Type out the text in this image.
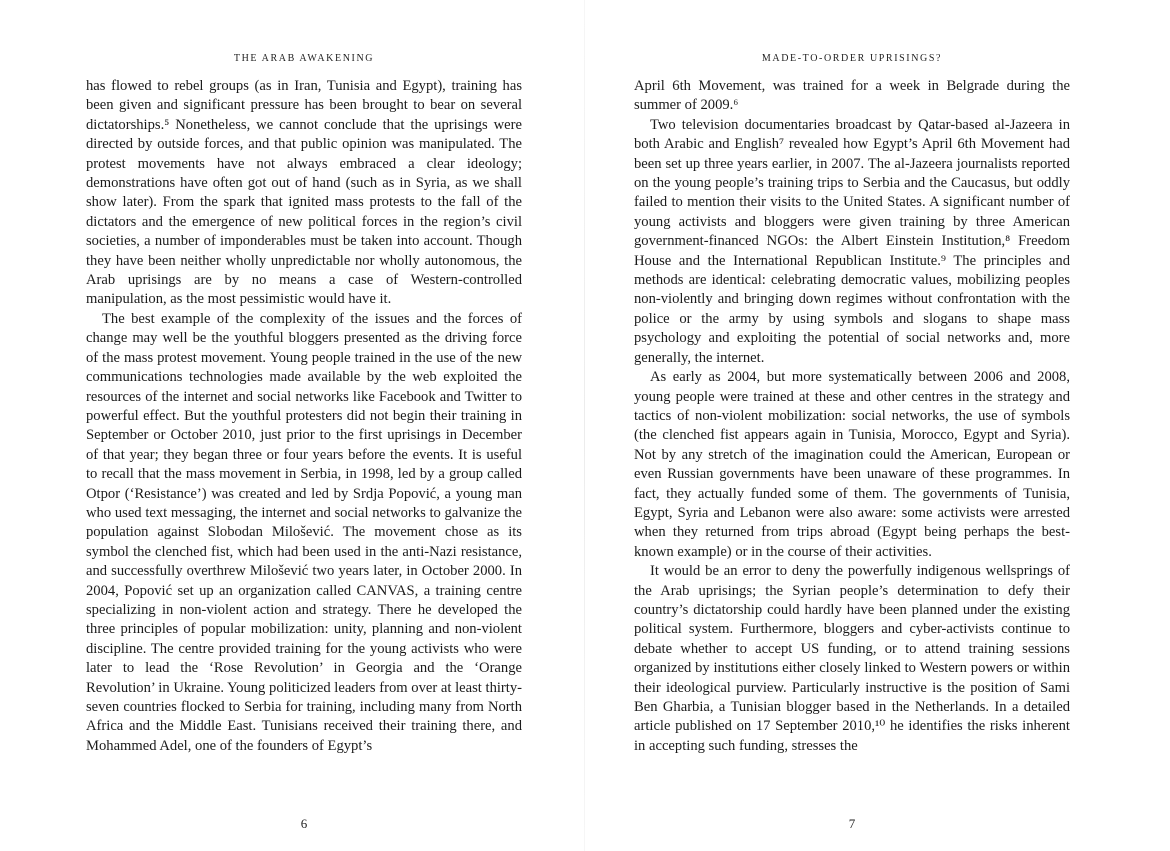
THE ARAB AWAKENING

has flowed to rebel groups (as in Iran, Tunisia and Egypt), training has been given and significant pressure has been brought to bear on several dictatorships.⁵ Nonetheless, we cannot conclude that the uprisings were directed by outside forces, and that public opinion was manipulated. The protest movements have not always embraced a clear ideology; demonstrations have often got out of hand (such as in Syria, as we shall show later). From the spark that ignited mass protests to the fall of the dictators and the emergence of new political forces in the region’s civil societies, a number of imponderables must be taken into account. Though they have been neither wholly unpredictable nor wholly autonomous, the Arab uprisings are by no means a case of Western-controlled manipulation, as the most pessimistic would have it.

The best example of the complexity of the issues and the forces of change may well be the youthful bloggers presented as the driving force of the mass protest movement. Young people trained in the use of the new communications technologies made available by the web exploited the resources of the internet and social networks like Facebook and Twitter to powerful effect. But the youthful protesters did not begin their training in September or October 2010, just prior to the first uprisings in December of that year; they began three or four years before the events. It is useful to recall that the mass movement in Serbia, in 1998, led by a group called Otpor (‘Resistance’) was created and led by Srdja Popović, a young man who used text messaging, the internet and social networks to galvanize the population against Slobodan Milošević. The movement chose as its symbol the clenched fist, which had been used in the anti-Nazi resistance, and successfully overthrew Milošević two years later, in October 2000. In 2004, Popović set up an organization called CANVAS, a training centre specializing in non-violent action and strategy. There he developed the three principles of popular mobilization: unity, planning and non-violent discipline. The centre provided training for the young activists who were later to lead the ‘Rose Revolution’ in Georgia and the ‘Orange Revolution’ in Ukraine. Young politicized leaders from over at least thirty-seven countries flocked to Serbia for training, including many from North Africa and the Middle East. Tunisians received their training there, and Mohammed Adel, one of the founders of Egypt’s

6
MADE-TO-ORDER UPRISINGS?

April 6th Movement, was trained for a week in Belgrade during the summer of 2009.⁶

Two television documentaries broadcast by Qatar-based al-Jazeera in both Arabic and English⁷ revealed how Egypt’s April 6th Movement had been set up three years earlier, in 2007. The al-Jazeera journalists reported on the young people’s training trips to Serbia and the Caucasus, but oddly failed to mention their visits to the United States. A significant number of young activists and bloggers were given training by three American government-financed NGOs: the Albert Einstein Institution,⁸ Freedom House and the International Republican Institute.⁹ The principles and methods are identical: celebrating democratic values, mobilizing peoples non-violently and bringing down regimes without confrontation with the police or the army by using symbols and slogans to shape mass psychology and exploiting the potential of social networks and, more generally, the internet.

As early as 2004, but more systematically between 2006 and 2008, young people were trained at these and other centres in the strategy and tactics of non-violent mobilization: social networks, the use of symbols (the clenched fist appears again in Tunisia, Morocco, Egypt and Syria). Not by any stretch of the imagination could the American, European or even Russian governments have been unaware of these programmes. In fact, they actually funded some of them. The governments of Tunisia, Egypt, Syria and Lebanon were also aware: some activists were arrested when they returned from trips abroad (Egypt being perhaps the best-known example) or in the course of their activities.

It would be an error to deny the powerfully indigenous wellsprings of the Arab uprisings; the Syrian people’s determination to defy their country’s dictatorship could hardly have been planned under the existing political system. Furthermore, bloggers and cyber-activists continue to debate whether to accept US funding, or to attend training sessions organized by institutions either closely linked to Western powers or within their ideological purview. Particularly instructive is the position of Sami Ben Gharbia, a Tunisian blogger based in the Netherlands. In a detailed article published on 17 September 2010,¹⁰ he identifies the risks inherent in accepting such funding, stresses the

7
